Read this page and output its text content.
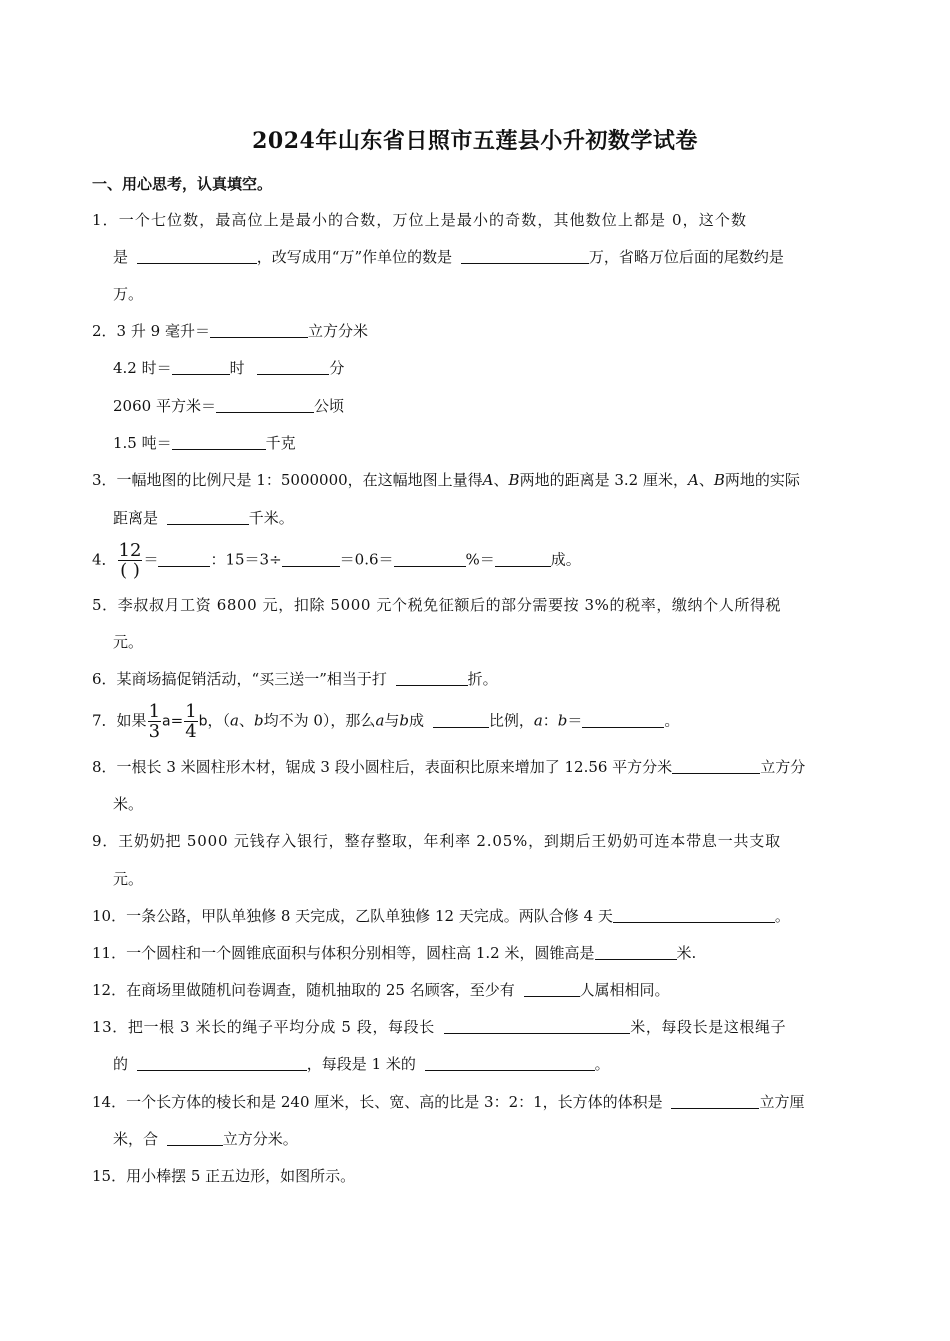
2024年山东省日照市五莲县小升初数学试卷
一、用心思考，认真填空。
1．一个七位数，最高位上是最小的合数，万位上是最小的奇数，其他数位上都是 0，这个数
是	，改写成用“万”作单位的数是	万，省略万位后面的尾数约是
万。
2．3 升 9 毫升＝	立方分米
4.2 时＝	时	分
2060 平方米＝	公顷
1.5 吨＝	千克
3．一幅地图的比例尺是 1：5000000，在这幅地图上量得A、B两地的距离是 3.2 厘米，A、B两地的实际
距离是	千米。
4． $\frac{12}{( )}$ ＝	：15＝3÷	＝0.6＝	%＝	成。
5．李叔叔月工资 6800 元，扣除 5000 元个税免征额后的部分需要按 3%的税率，缴纳个人所得税
元。
6．某商场搞促销活动，“买三送一”相当于打	折。
7．如果 $\frac{1}{3} a= \frac{1}{4}$ b，（a、b均不为 0），那么a与b成	比例，a：b＝	。
8．一根长 3 米圆柱形木材，锯成 3 段小圆柱后，表面积比原来增加了 12.56 平方分米	立方分
米。
9．王奶奶把 5000 元钱存入银行，整存整取，年利率 2.05%，到期后王奶奶可连本带息一共支取
元。
10．一条公路，甲队单独修 8 天完成，乙队单独修 12 天完成。两队合修 4 天	。
11．一个圆柱和一个圆锥底面积与体积分别相等，圆柱高 1.2 米，圆锥高是	米.
12．在商场里做随机问卷调查，随机抽取的 25 名顾客，至少有	人属相相同。
13．把一根 3 米长的绳子平均分成 5 段，每段长	米，每段长是这根绳子
的	，每段是 1 米的	。
14．一个长方体的棱长和是 240 厘米，长、宽、高的比是 3：2：1，长方体的体积是	立方厘
米，合	立方分米。
15．用小棒摆 5 正五边形，如图所示。
